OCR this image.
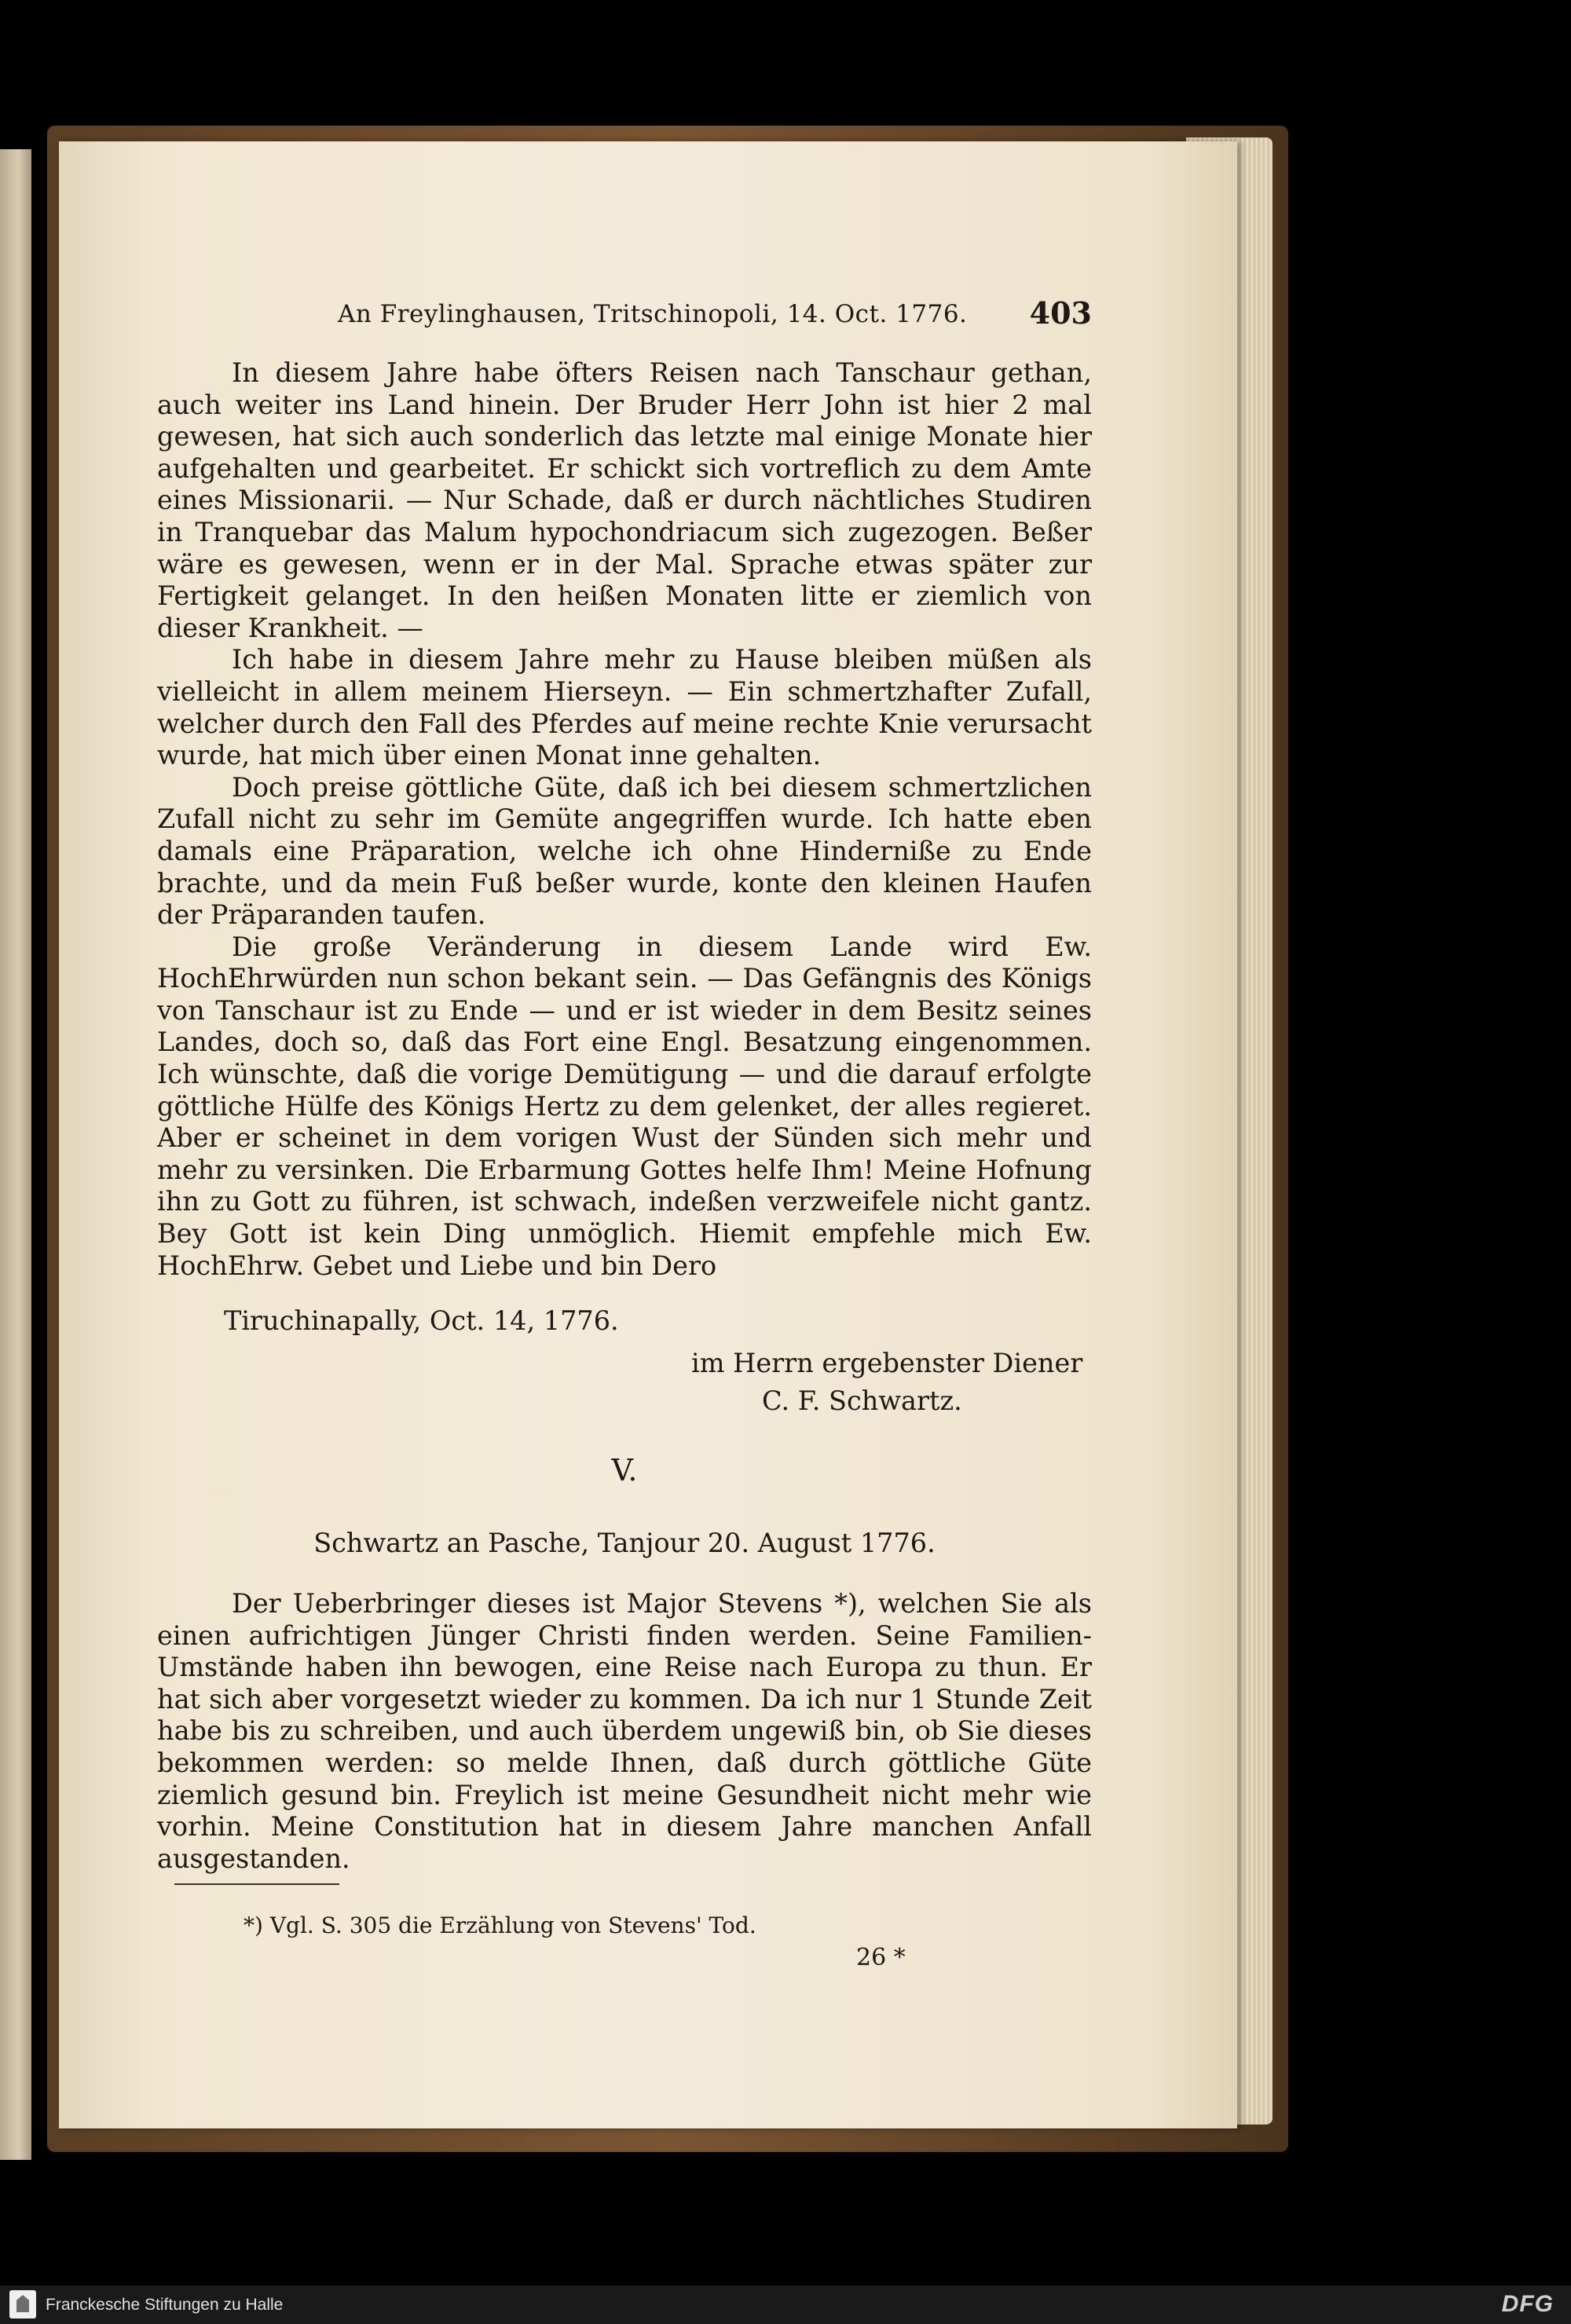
An Freylinghausen, Tritschinopoli, 14. Oct. 1776. 403

In diesem Jahre habe öfters Reisen nach Tanschaur gethan, auch weiter ins Land hinein. Der Bruder Herr John ist hier 2 mal gewesen, hat sich auch sonderlich das letzte mal einige Monate hier aufgehalten und gearbeitet. Er schickt sich vortreflich zu dem Amte eines Missionarii. — Nur Schade, daß er durch nächtliches Studiren in Tranquebar das Malum hypochondriacum sich zugezogen. Beßer wäre es gewesen, wenn er in der Mal. Sprache etwas später zur Fertigkeit gelanget. In den heißen Monaten litte er ziemlich von dieser Krankheit. —

Ich habe in diesem Jahre mehr zu Hause bleiben müßen als vielleicht in allem meinem Hierseyn. — Ein schmertzhafter Zufall, welcher durch den Fall des Pferdes auf meine rechte Knie verursacht wurde, hat mich über einen Monat inne gehalten.

Doch preise göttliche Güte, daß ich bei diesem schmertzlichen Zufall nicht zu sehr im Gemüte angegriffen wurde. Ich hatte eben damals eine Präparation, welche ich ohne Hinderniße zu Ende brachte, und da mein Fuß beßer wurde, konte den kleinen Haufen der Präparanden taufen.

Die große Veränderung in diesem Lande wird Ew. HochEhrwürden nun schon bekant sein. — Das Gefängnis des Königs von Tanschaur ist zu Ende — und er ist wieder in dem Besitz seines Landes, doch so, daß das Fort eine Engl. Besatzung eingenommen. Ich wünschte, daß die vorige Demütigung — und die darauf erfolgte göttliche Hülfe des Königs Hertz zu dem gelenket, der alles regieret. Aber er scheinet in dem vorigen Wust der Sünden sich mehr und mehr zu versinken. Die Erbarmung Gottes helfe Ihm! Meine Hofnung ihn zu Gott zu führen, ist schwach, indeßen verzweifele nicht gantz. Bey Gott ist kein Ding unmöglich. Hiemit empfehle mich Ew. HochEhrw. Gebet und Liebe und bin Dero

Tiruchinapally, Oct. 14, 1776.
im Herrn ergebenster Diener
C. F. Schwartz.
V.
Schwartz an Pasche, Tanjour 20. August 1776.

Der Ueberbringer dieses ist Major Stevens *), welchen Sie als einen aufrichtigen Jünger Christi finden werden. Seine Familien-Umstände haben ihn bewogen, eine Reise nach Europa zu thun. Er hat sich aber vorgesetzt wieder zu kommen. Da ich nur 1 Stunde Zeit habe bis zu schreiben, und auch überdem ungewiß bin, ob Sie dieses bekommen werden: so melde Ihnen, daß durch göttliche Güte ziemlich gesund bin. Freylich ist meine Gesundheit nicht mehr wie vorhin. Meine Constitution hat in diesem Jahre manchen Anfall ausgestanden.

*) Vgl. S. 305 die Erzählung von Stevens' Tod.
26 *
Franckesche Stiftungen zu Halle	DFG
